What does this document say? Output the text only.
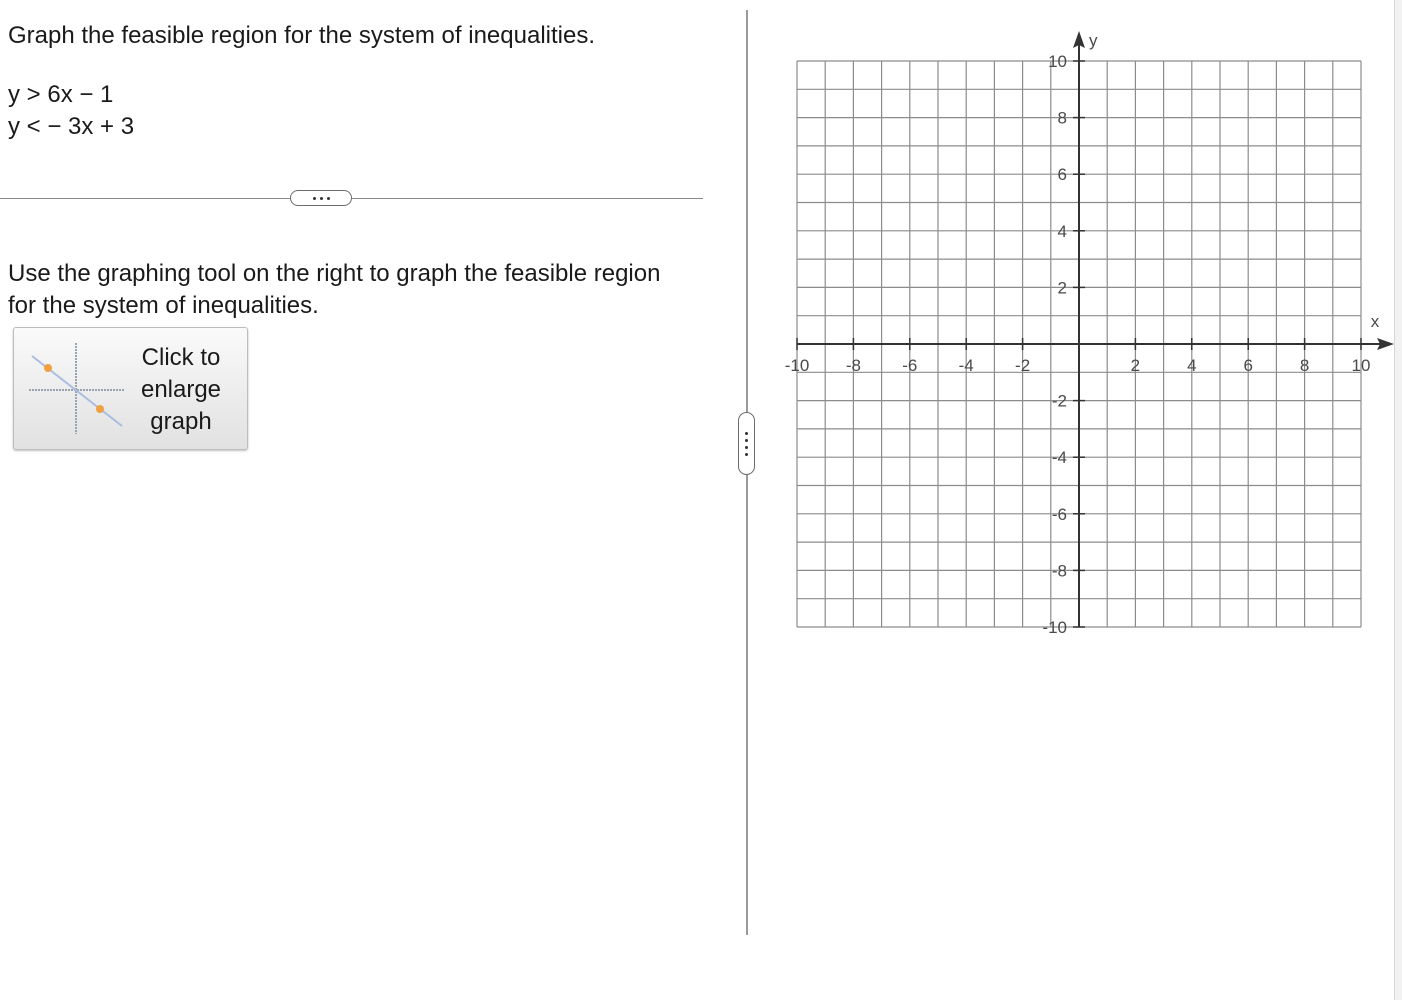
Graph the feasible region for the system of inequalities.
y > 6x − 1
y < − 3x + 3
Use the graphing tool on the right to graph the feasible region for the system of inequalities.
Click to enlarge graph
-10 -8 -6 -4 -2	2	4	6	8 10
10
8
6
4
2
-2
-4
-6
-8
-10
x
y
